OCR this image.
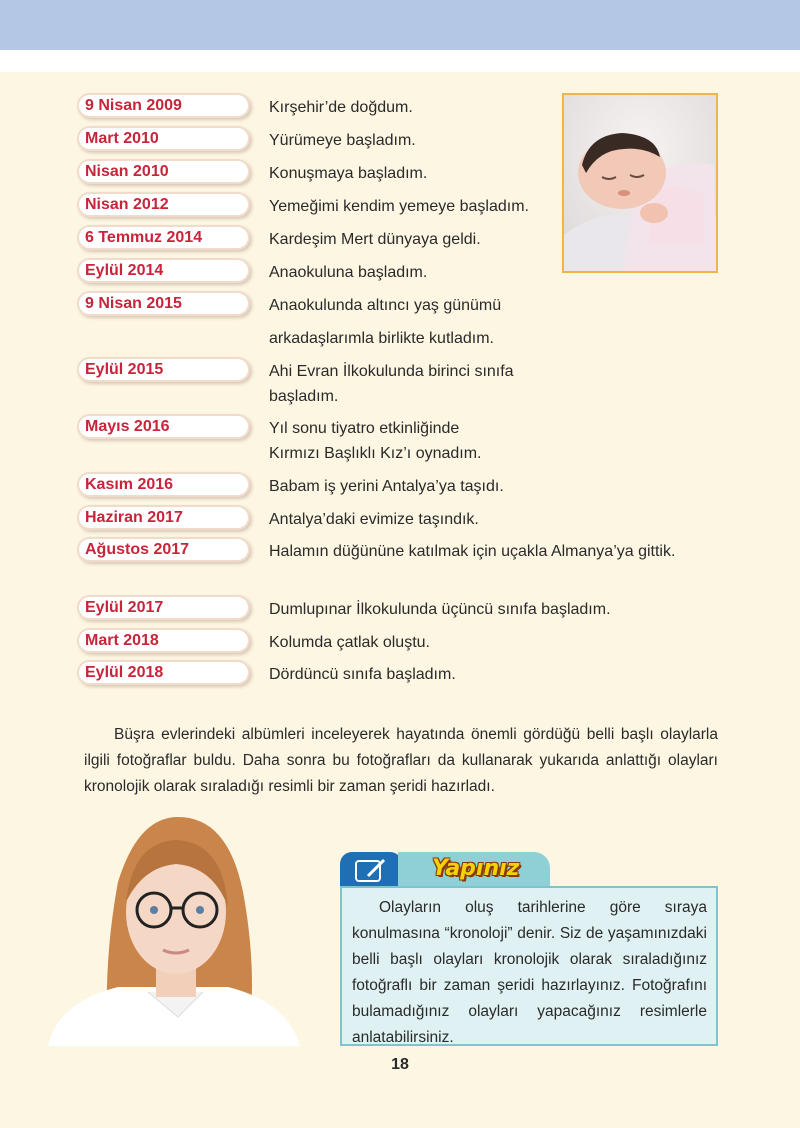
9 Nisan 2009	Kırşehir’de doğdum.
Mart 2010	Yürümeye başladım.
Nisan 2010	Konuşmaya başladım.
Nisan 2012	Yemeğimi kendim yemeye başladım.
6 Temmuz 2014	Kardeşim Mert dünyaya geldi.
Eylül 2014	Anaokuluna başladım.
9 Nisan 2015	Anaokulunda altıncı yaş günümü arkadaşlarımla birlikte kutladım.
Eylül 2015	Ahi Evran İlkokulunda birinci sınıfa başladım.
Mayıs 2016	Yıl sonu tiyatro etkinliğinde Kırmızı Başlıklı Kız’ı oynadım.
Kasım 2016	Babam iş yerini Antalya’ya taşıdı.
Haziran 2017	Antalya’daki evimize taşındık.
Ağustos 2017	Halamın düğününe katılmak için uçakla Almanya’ya gittik.
Eylül 2017	Dumlupınar İlkokulunda üçüncü sınıfa başladım.
Mart 2018	Kolumda çatlak oluştu.
Eylül 2018	Dördüncü sınıfa başladım.

Büşra evlerindeki albümleri inceleyerek hayatında önemli gördüğü belli başlı olaylarla ilgili fotoğraflar buldu. Daha sonra bu fotoğrafları da kullanarak yukarıda anlattığı olayları kronolojik olarak sıraladığı resimli bir zaman şeridi hazırladı.

Yapınız

Olayların oluş tarihlerine göre sıraya konulmasına “kronoloji” denir. Siz de yaşamınızdaki belli başlı olayları kronolojik olarak sıraladığınız fotoğraflı bir zaman şeridi hazırlayınız. Fotoğrafını bulamadığınız olayları yapacağınız resimlerle anlatabilirsiniz.

18
